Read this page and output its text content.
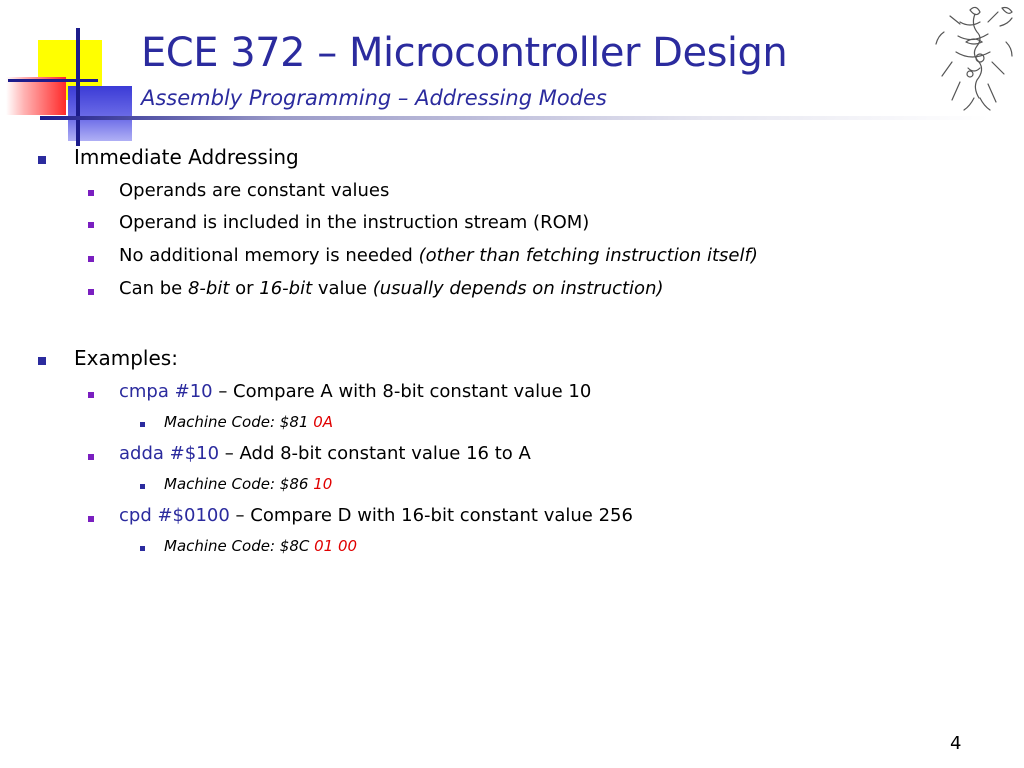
ECE 372 – Microcontroller Design
Assembly Programming – Addressing Modes
Immediate Addressing
Operands are constant values
Operand is included in the instruction stream (ROM)
No additional memory is needed (other than fetching instruction itself)
Can be 8-bit or 16-bit value (usually depends on instruction)
Examples:
cmpa #10 – Compare A with 8-bit constant value 10
Machine Code: $81 0A
adda #$10 – Add 8-bit constant value 16 to A
Machine Code: $86 10
cpd #$0100 – Compare D with 16-bit constant value 256
Machine Code: $8C 01 00
4
